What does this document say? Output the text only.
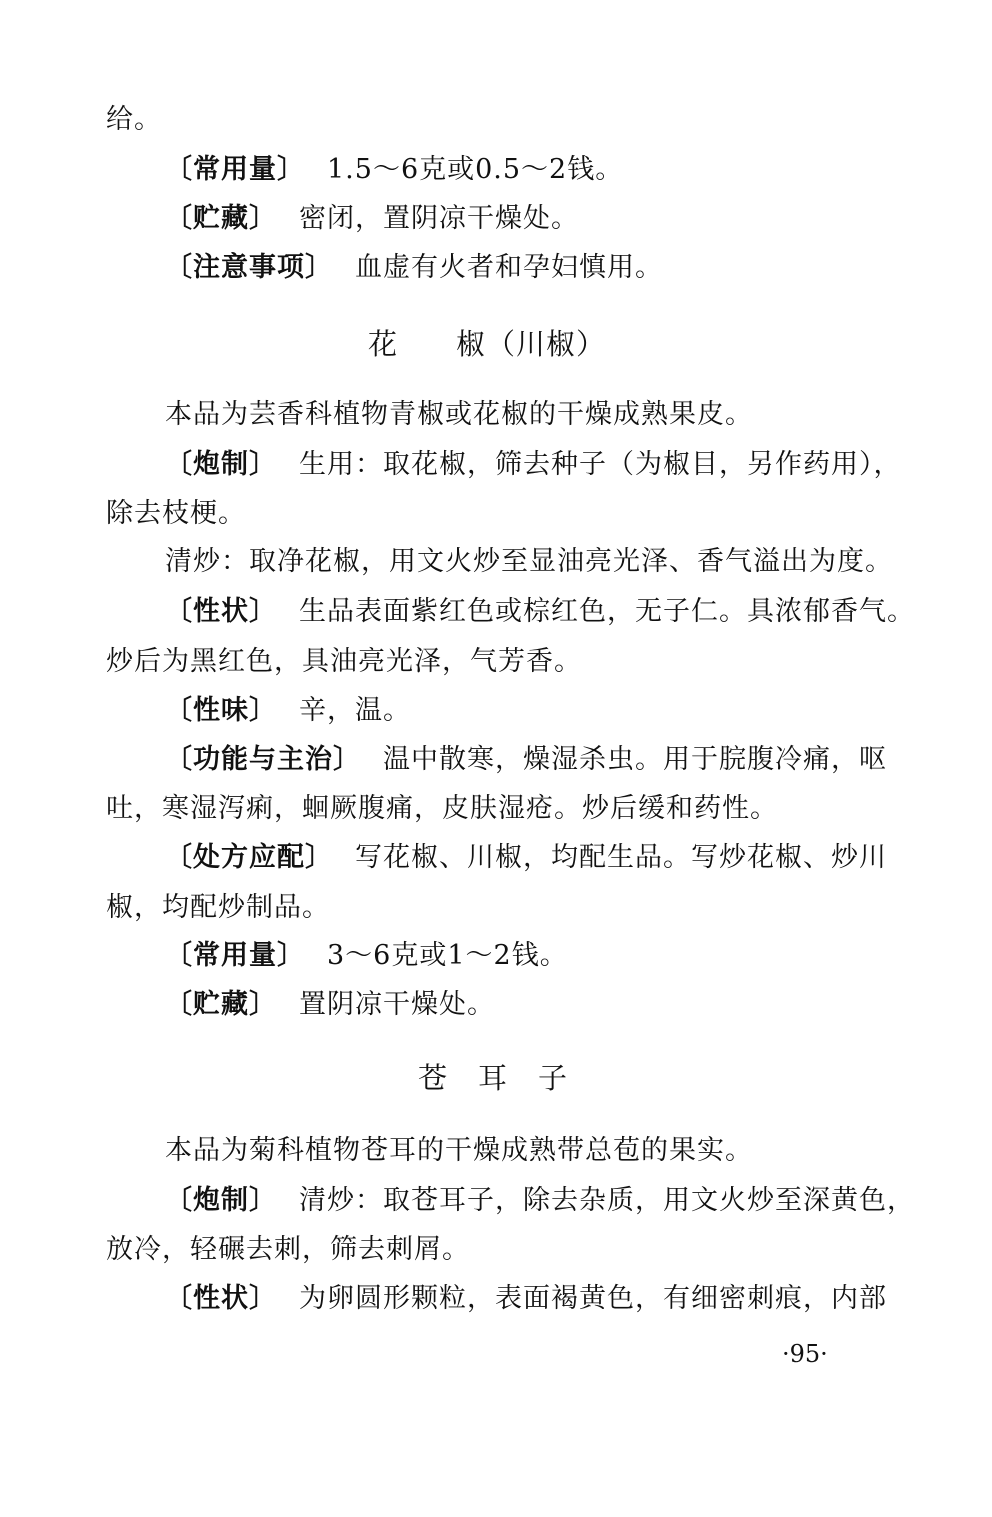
给。
〔常用量〕 1.5～6克或0.5～2钱。
〔贮藏〕 密闭，置阴凉干燥处。
〔注意事项〕 血虚有火者和孕妇慎用。
花 椒（川椒）
本品为芸香科植物青椒或花椒的干燥成熟果皮。
〔炮制〕 生用：取花椒，筛去种子（为椒目，另作药用），
除去枝梗。
清炒：取净花椒，用文火炒至显油亮光泽、香气溢出为度。
〔性状〕 生品表面紫红色或棕红色，无子仁。具浓郁香气。
炒后为黑红色，具油亮光泽，气芳香。
〔性味〕 辛，温。
〔功能与主治〕 温中散寒，燥湿杀虫。用于脘腹冷痛，呕
吐，寒湿泻痢，蛔厥腹痛，皮肤湿疮。炒后缓和药性。
〔处方应配〕 写花椒、川椒，均配生品。写炒花椒、炒川
椒，均配炒制品。
〔常用量〕 3～6克或1～2钱。
〔贮藏〕 置阴凉干燥处。
苍　耳　子
本品为菊科植物苍耳的干燥成熟带总苞的果实。
〔炮制〕 清炒：取苍耳子，除去杂质，用文火炒至深黄色，
放冷，轻碾去刺，筛去刺屑。
〔性状〕 为卵圆形颗粒，表面褐黄色，有细密刺痕，内部
·95·
